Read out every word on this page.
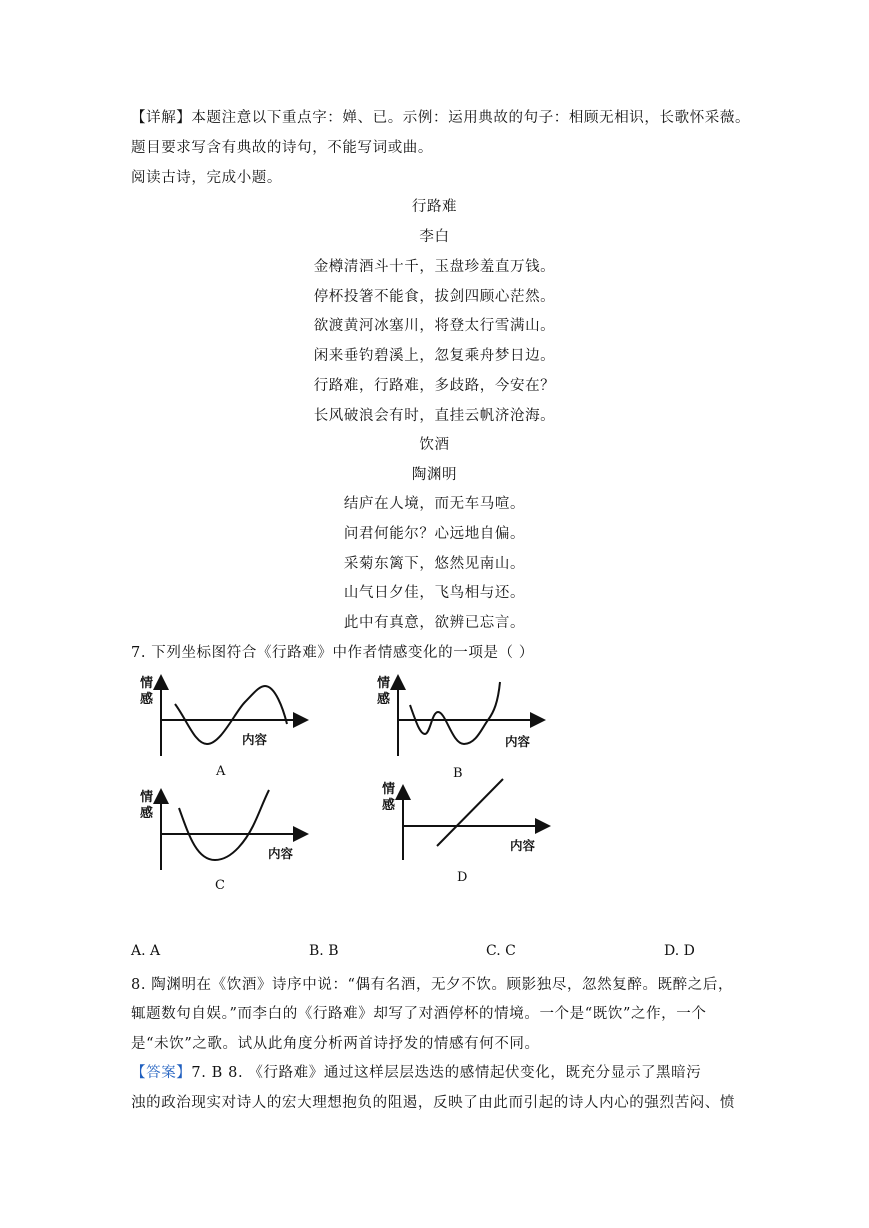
【详解】本题注意以下重点字：婵、已。示例：运用典故的句子：相顾无相识，长歌怀采薇。
题目要求写含有典故的诗句，不能写词或曲。
阅读古诗，完成小题。
行路难
李白
金樽清酒斗十千，玉盘珍羞直万钱。
停杯投箸不能食，拔剑四顾心茫然。
欲渡黄河冰塞川，将登太行雪满山。
闲来垂钓碧溪上，忽复乘舟梦日边。
行路难，行路难，多歧路，今安在？
长风破浪会有时，直挂云帆济沧海。
饮酒
陶渊明
结庐在人境，而无车马喧。
问君何能尔？心远地自偏。
采菊东篱下，悠然见南山。
山气日夕佳，飞鸟相与还。
此中有真意，欲辨已忘言。
7. 下列坐标图符合《行路难》中作者情感变化的一项是（ ）
情感
内容
A
情感
内容
B
情感
内容
C
情感
内容
D
A. A	B. B	C. C	D. D
8. 陶渊明在《饮酒》诗序中说：“偶有名酒，无夕不饮。顾影独尽，忽然复醉。既醉之后，
辄题数句自娱。”而李白的《行路难》却写了对酒停杯的情境。一个是“既饮”之作，一个
是“未饮”之歌。试从此角度分析两首诗抒发的情感有何不同。
【答案】7. B 8. 《行路难》通过这样层层迭迭的感情起伏变化，既充分显示了黑暗污
浊的政治现实对诗人的宏大理想抱负的阻遏，反映了由此而引起的诗人内心的强烈苦闷、愤
